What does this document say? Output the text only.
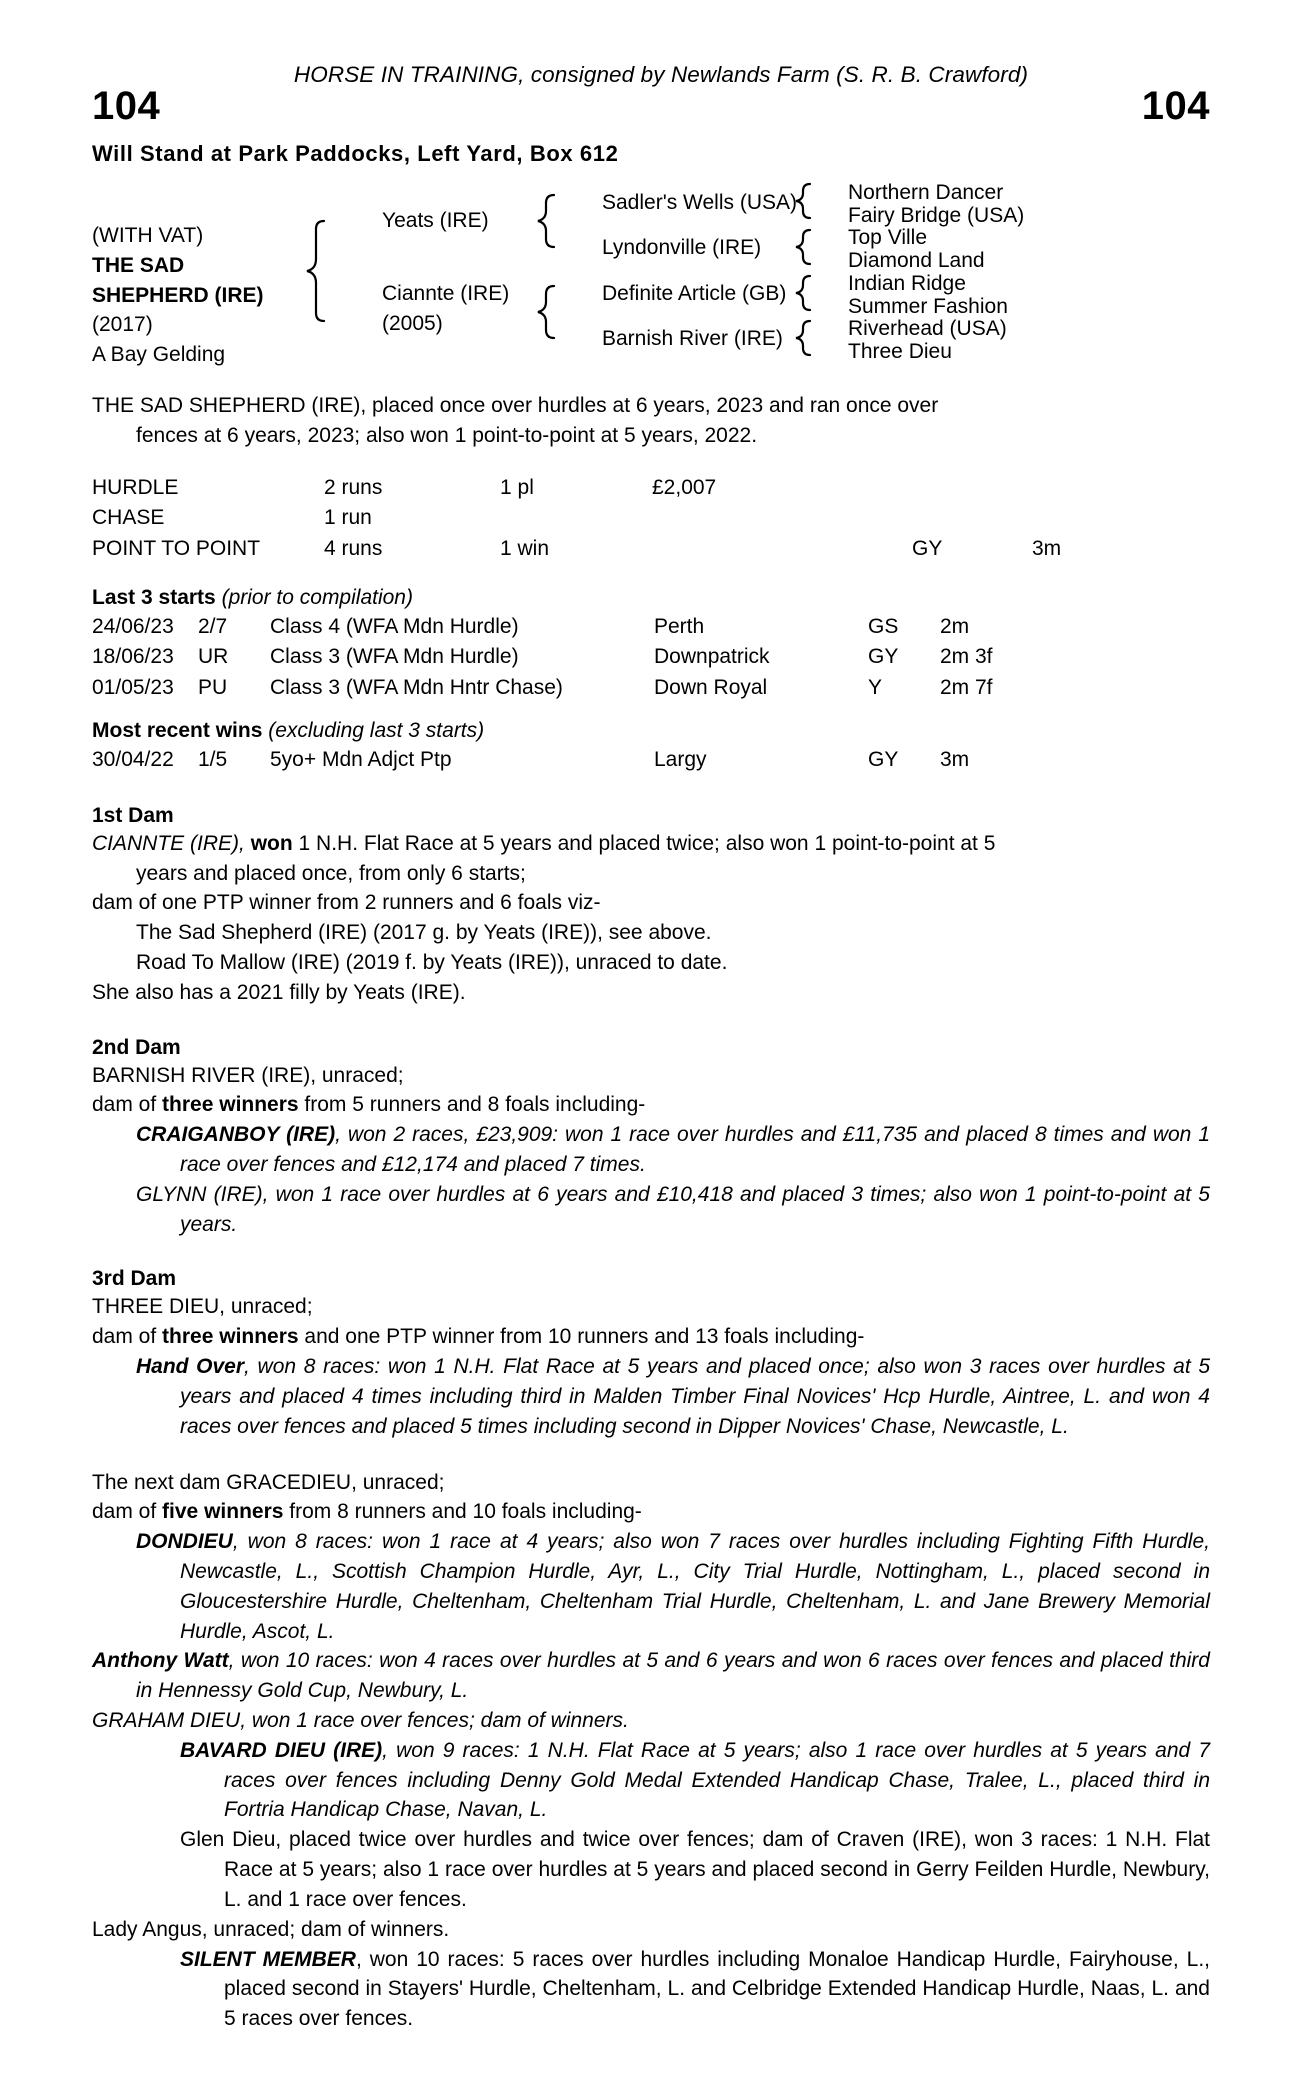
HORSE IN TRAINING, consigned by Newlands Farm (S. R. B. Crawford)
104	104
Will Stand at Park Paddocks, Left Yard, Box 612
(WITH VAT)
THE SAD
SHEPHERD (IRE)
(2017)
A Bay Gelding
Yeats (IRE)
Ciannte (IRE)
(2005)
Sadler's Wells (USA)
Lyndonville (IRE)
Definite Article (GB)
Barnish River (IRE)
Northern Dancer
Fairy Bridge (USA)
Top Ville
Diamond Land
Indian Ridge
Summer Fashion
Riverhead (USA)
Three Dieu
THE SAD SHEPHERD (IRE), placed once over hurdles at 6 years, 2023 and ran once over
fences at 6 years, 2023; also won 1 point-to-point at 5 years, 2022.
HURDLE	2 runs	1 pl	£2,007
CHASE	1 run
POINT TO POINT	4 runs	1 win	GY	3m
Last 3 starts (prior to compilation)
24/06/23	2/7	Class 4 (WFA Mdn Hurdle)	Perth	GS	2m
18/06/23	UR	Class 3 (WFA Mdn Hurdle)	Downpatrick	GY	2m 3f
01/05/23	PU	Class 3 (WFA Mdn Hntr Chase)	Down Royal	Y	2m 7f
Most recent wins (excluding last 3 starts)
30/04/22	1/5	5yo+ Mdn Adjct Ptp	Largy	GY	3m
1st Dam

CIANNTE (IRE), won 1 N.H. Flat Race at 5 years and placed twice; also won 1 point-to-point at 5

years and placed once, from only 6 starts;

dam of one PTP winner from 2 runners and 6 foals viz-

The Sad Shepherd (IRE) (2017 g. by Yeats (IRE)), see above.

Road To Mallow (IRE) (2019 f. by Yeats (IRE)), unraced to date.

She also has a 2021 filly by Yeats (IRE).

2nd Dam

BARNISH RIVER (IRE), unraced;

dam of three winners from 5 runners and 8 foals including-

CRAIGANBOY (IRE), won 2 races, £23,909: won 1 race over hurdles and £11,735 and placed 8 times and won 1 race over fences and £12,174 and placed 7 times.

GLYNN (IRE), won 1 race over hurdles at 6 years and £10,418 and placed 3 times; also won 1 point-to-point at 5 years.

3rd Dam

THREE DIEU, unraced;

dam of three winners and one PTP winner from 10 runners and 13 foals including-

Hand Over, won 8 races: won 1 N.H. Flat Race at 5 years and placed once; also won 3 races over hurdles at 5 years and placed 4 times including third in Malden Timber Final Novices' Hcp Hurdle, Aintree, L. and won 4 races over fences and placed 5 times including second in Dipper Novices' Chase, Newcastle, L.

The next dam GRACEDIEU, unraced;

dam of five winners from 8 runners and 10 foals including-

DONDIEU, won 8 races: won 1 race at 4 years; also won 7 races over hurdles including Fighting Fifth Hurdle, Newcastle, L., Scottish Champion Hurdle, Ayr, L., City Trial Hurdle, Nottingham, L., placed second in Gloucestershire Hurdle, Cheltenham, Cheltenham Trial Hurdle, Cheltenham, L. and Jane Brewery Memorial Hurdle, Ascot, L.

Anthony Watt, won 10 races: won 4 races over hurdles at 5 and 6 years and won 6 races over fences and placed third in Hennessy Gold Cup, Newbury, L.

GRAHAM DIEU, won 1 race over fences; dam of winners.

BAVARD DIEU (IRE), won 9 races: 1 N.H. Flat Race at 5 years; also 1 race over hurdles at 5 years and 7 races over fences including Denny Gold Medal Extended Handicap Chase, Tralee, L., placed third in Fortria Handicap Chase, Navan, L.

Glen Dieu, placed twice over hurdles and twice over fences; dam of Craven (IRE), won 3 races: 1 N.H. Flat Race at 5 years; also 1 race over hurdles at 5 years and placed second in Gerry Feilden Hurdle, Newbury, L. and 1 race over fences.

Lady Angus, unraced; dam of winners.

SILENT MEMBER, won 10 races: 5 races over hurdles including Monaloe Handicap Hurdle, Fairyhouse, L., placed second in Stayers' Hurdle, Cheltenham, L. and Celbridge Extended Handicap Hurdle, Naas, L. and 5 races over fences.
